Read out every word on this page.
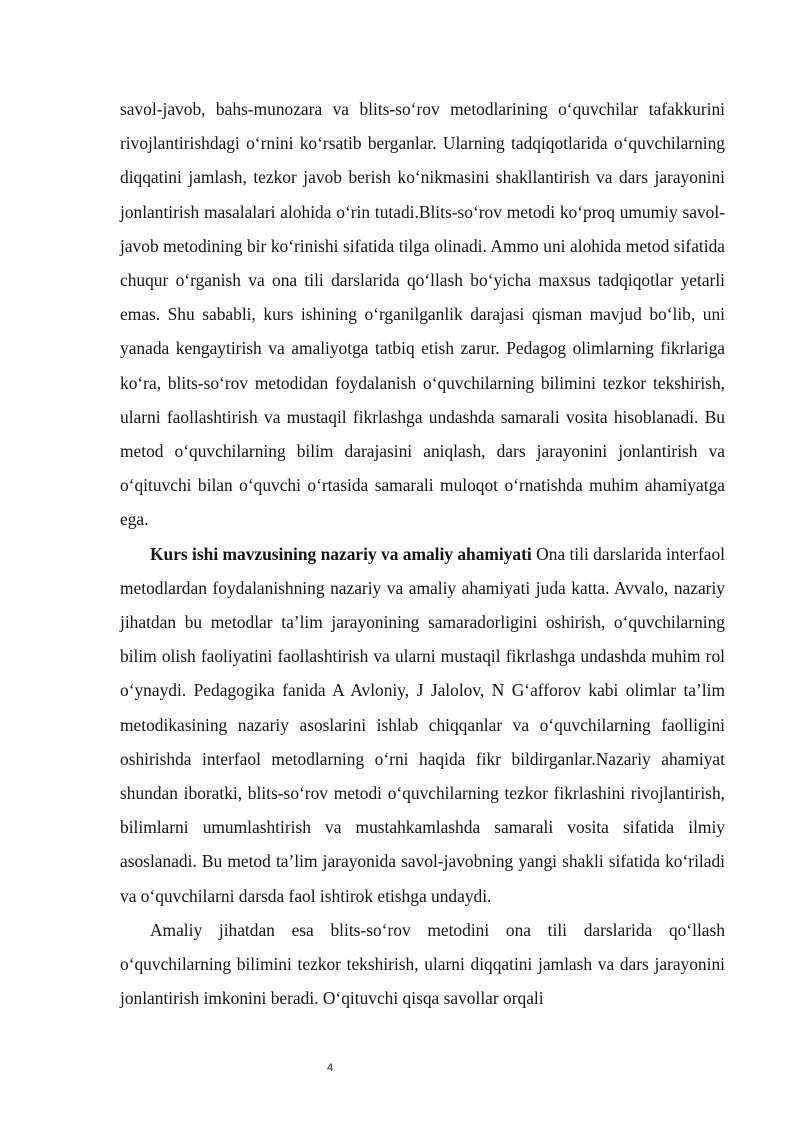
savol-javob, bahs-munozara va blits-so‘rov metodlarining o‘quvchilar tafakkurini rivojlantirishdagi o‘rnini ko‘rsatib berganlar. Ularning tadqiqotlarida o‘quvchilarning diqqatini jamlash, tezkor javob berish ko‘nikmasini shakllantirish va dars jarayonini jonlantirish masalalari alohida o‘rin tutadi.Blits-so‘rov metodi ko‘proq umumiy savol-javob metodining bir ko‘rinishi sifatida tilga olinadi. Ammo uni alohida metod sifatida chuqur o‘rganish va ona tili darslarida qo‘llash bo‘yicha maxsus tadqiqotlar yetarli emas. Shu sababli, kurs ishining o‘rganilganlik darajasi qisman mavjud bo‘lib, uni yanada kengaytirish va amaliyotga tatbiq etish zarur. Pedagog olimlarning fikrlariga ko‘ra, blits-so‘rov metodidan foydalanish o‘quvchilarning bilimini tezkor tekshirish, ularni faollashtirish va mustaqil fikrlashga undashda samarali vosita hisoblanadi. Bu metod o‘quvchilarning bilim darajasini aniqlash, dars jarayonini jonlantirish va o‘qituvchi bilan o‘quvchi o‘rtasida samarali muloqot o‘rnatishda muhim ahamiyatga ega.

Kurs ishi mavzusining nazariy va amaliy ahamiyati Ona tili darslarida interfaol metodlardan foydalanishning nazariy va amaliy ahamiyati juda katta. Avvalo, nazariy jihatdan bu metodlar ta’lim jarayonining samaradorligini oshirish, o‘quvchilarning bilim olish faoliyatini faollashtirish va ularni mustaqil fikrlashga undashda muhim rol o‘ynaydi. Pedagogika fanida A Avloniy, J Jalolov, N G‘afforov kabi olimlar ta’lim metodikasining nazariy asoslarini ishlab chiqqanlar va o‘quvchilarning faolligini oshirishda interfaol metodlarning o‘rni haqida fikr bildirganlar.Nazariy ahamiyat shundan iboratki, blits-so‘rov metodi o‘quvchilarning tezkor fikrlashini rivojlantirish, bilimlarni umumlashtirish va mustahkamlashda samarali vosita sifatida ilmiy asoslanadi. Bu metod ta’lim jarayonida savol-javobning yangi shakli sifatida ko‘riladi va o‘quvchilarni darsda faol ishtirok etishga undaydi.

Amaliy jihatdan esa blits-so‘rov metodini ona tili darslarida qo‘llash o‘quvchilarning bilimini tezkor tekshirish, ularni diqqatini jamlash va dars jarayonini jonlantirish imkonini beradi. O‘qituvchi qisqa savollar orqali

4
